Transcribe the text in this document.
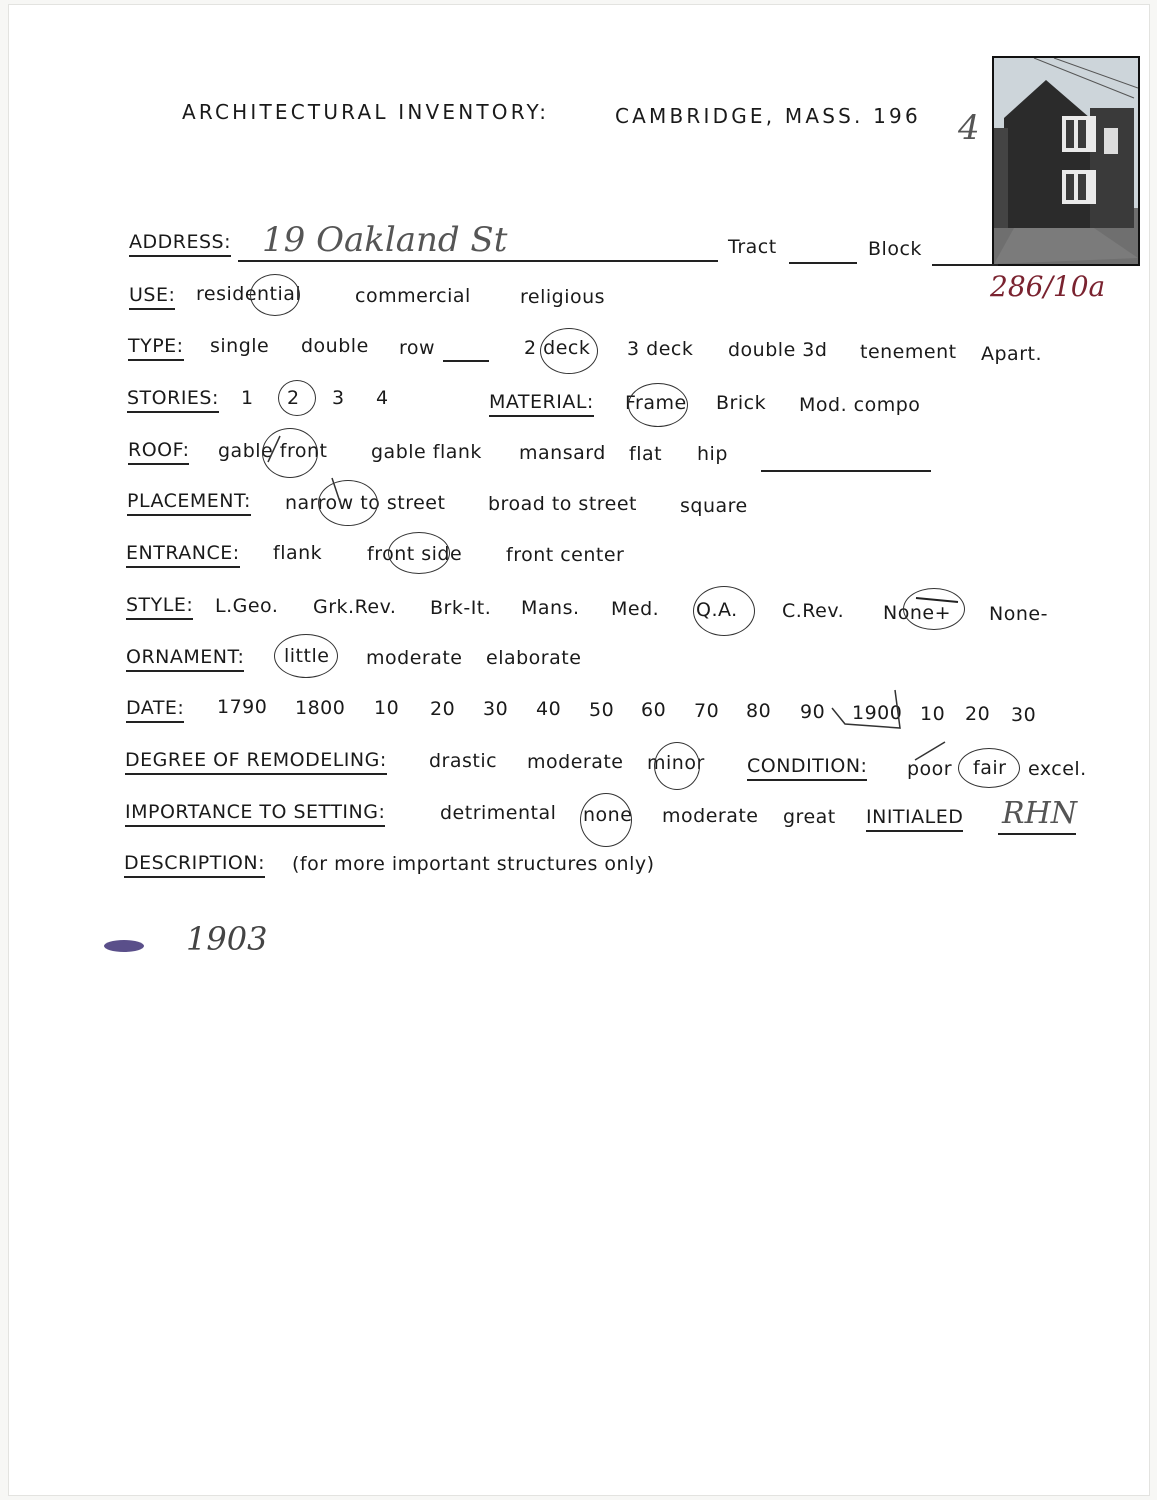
ARCHITECTURAL INVENTORY:	CAMBRIDGE, MASS. 196 4
286/10a
ADDRESS: 19 Oakland St	Tract	Block
USE: residential	commercial	religious
TYPE: single double row	2 deck 3 deck double 3d tenement Apart.
STORIES: 1 2 3 4	MATERIAL: Frame Brick Mod. compo
ROOF: gable front gable flank mansard flat hip
PLACEMENT: narrow to street broad to street square
ENTRANCE: flank front side front center
STYLE: L.Geo. Grk.Rev. Brk-It. Mans. Med. Q.A. C.Rev. None+ None-
ORNAMENT: little moderate elaborate
DATE: 1790 1800 10 20 30 40 50 60 70 80 90 1900 10 20 30
DEGREE OF REMODELING: drastic moderate minor CONDITION: poor fair excel.
IMPORTANCE TO SETTING:	detrimental none moderate great INITIALED RHN
DESCRIPTION: (for more important structures only)
1903
